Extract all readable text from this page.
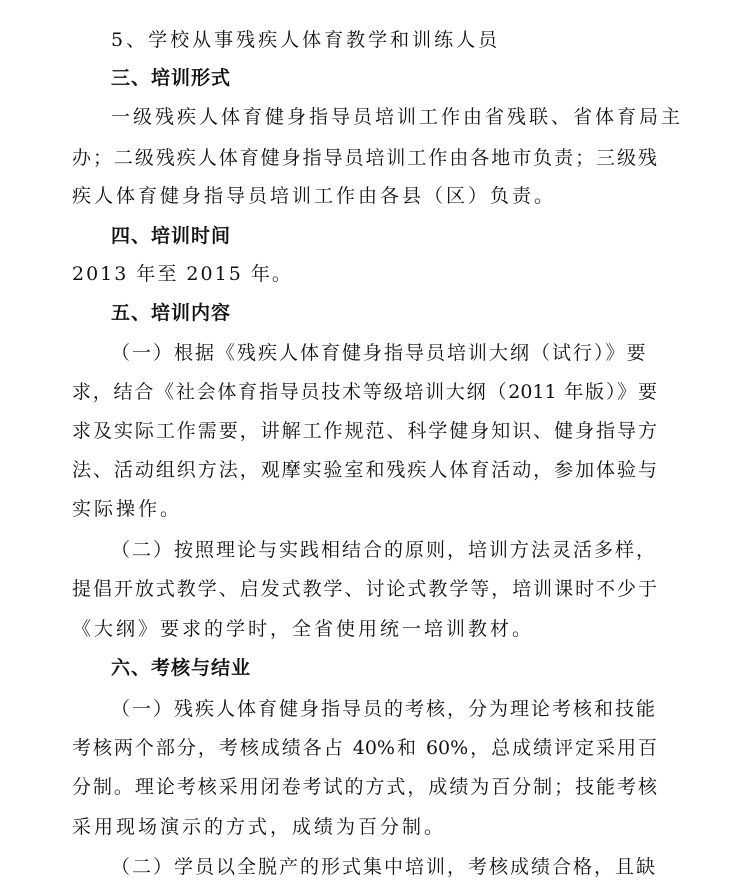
5、学校从事残疾人体育教学和训练人员
三、培训形式
一级残疾人体育健身指导员培训工作由省残联、省体育局主
办；二级残疾人体育健身指导员培训工作由各地市负责；三级残
疾人体育健身指导员培训工作由各县（区）负责。
四、培训时间
2013 年至 2015 年。
五、培训内容
（一）根据《残疾人体育健身指导员培训大纲（试行）》要
求，结合《社会体育指导员技术等级培训大纲（2011 年版）》要
求及实际工作需要，讲解工作规范、科学健身知识、健身指导方
法、活动组织方法，观摩实验室和残疾人体育活动，参加体验与
实际操作。
（二）按照理论与实践相结合的原则，培训方法灵活多样，
提倡开放式教学、启发式教学、讨论式教学等，培训课时不少于
《大纲》要求的学时，全省使用统一培训教材。
六、考核与结业
（一）残疾人体育健身指导员的考核，分为理论考核和技能
考核两个部分，考核成绩各占 40%和 60%，总成绩评定采用百
分制。理论考核采用闭卷考试的方式，成绩为百分制；技能考核
采用现场演示的方式，成绩为百分制。
（二）学员以全脱产的形式集中培训，考核成绩合格，且缺
